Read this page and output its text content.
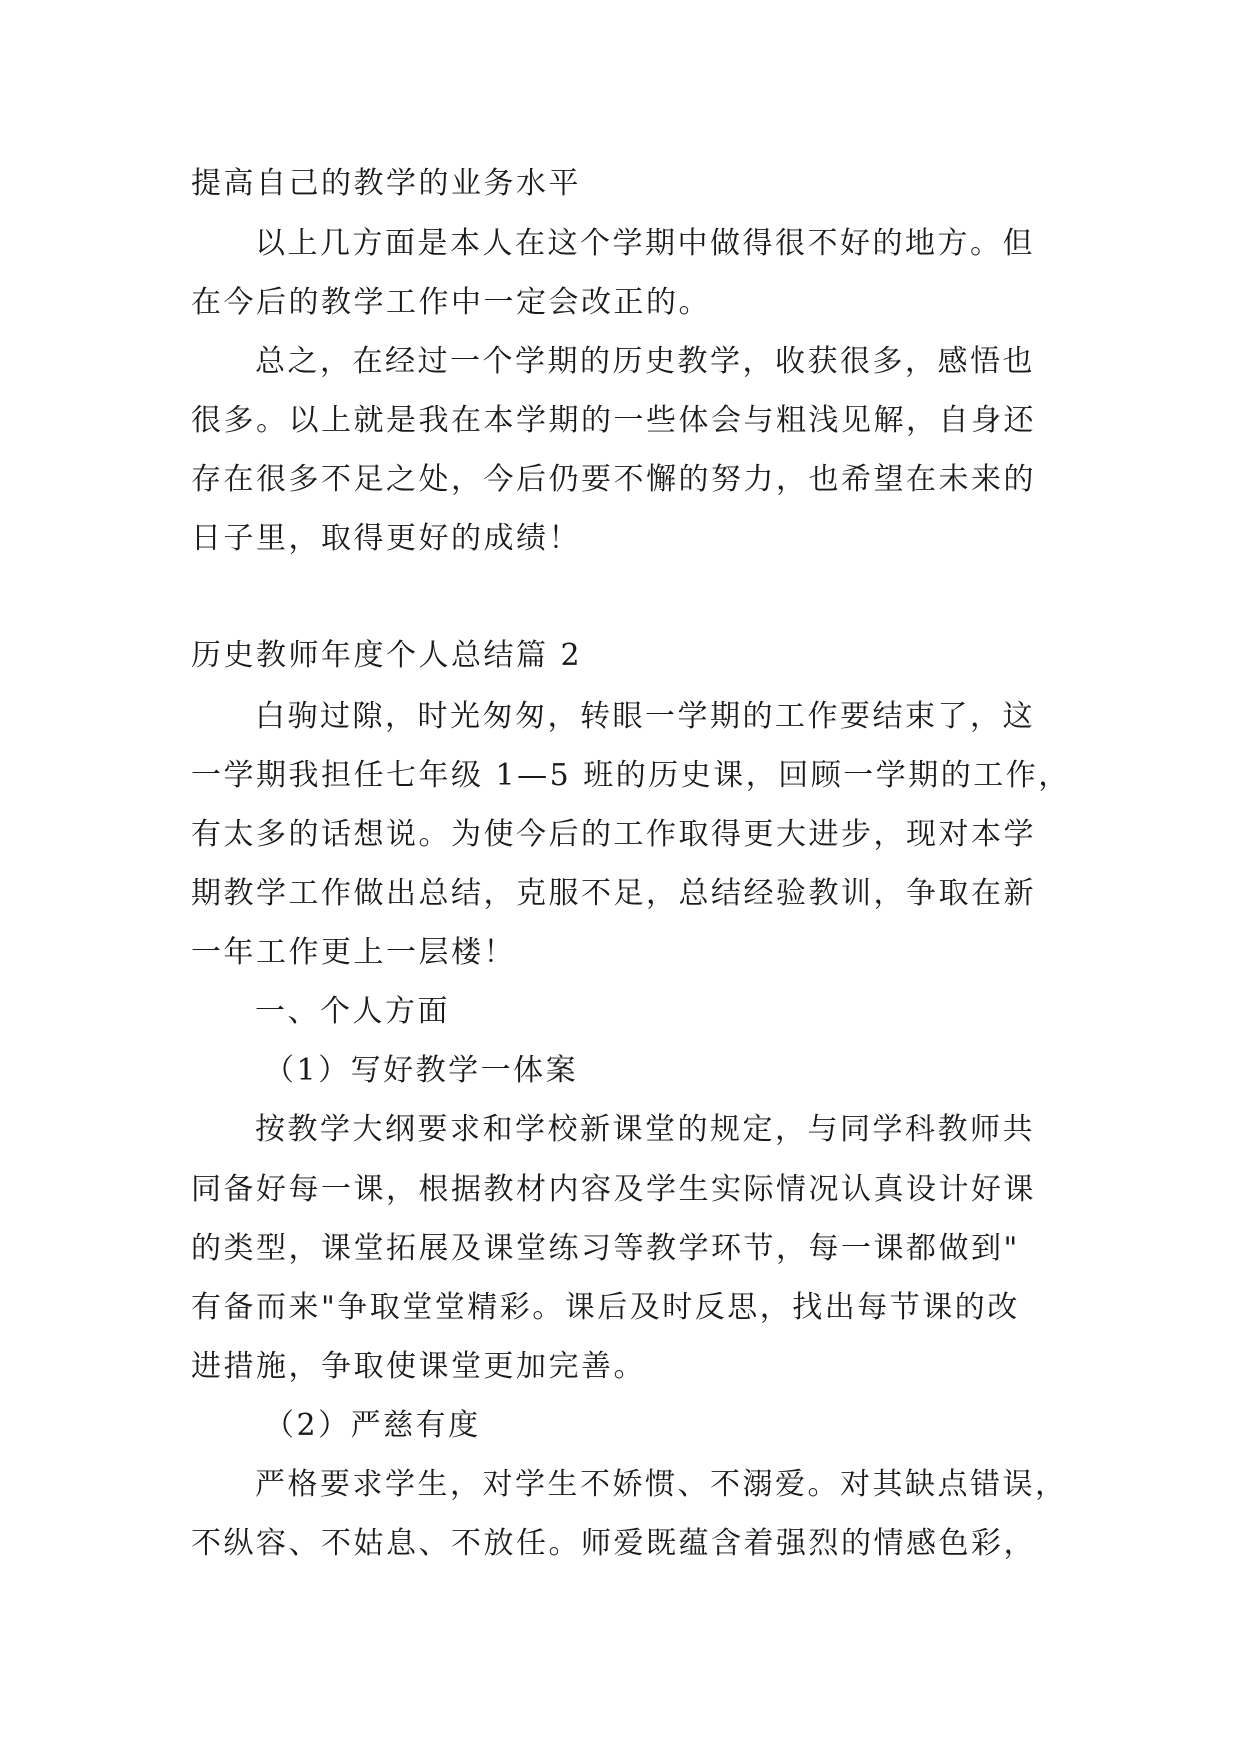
提高自己的教学的业务水平
以上几方面是本人在这个学期中做得很不好的地方。但
在今后的教学工作中一定会改正的。
总之，在经过一个学期的历史教学，收获很多，感悟也
很多。以上就是我在本学期的一些体会与粗浅见解，自身还
存在很多不足之处，今后仍要不懈的努力，也希望在未来的
日子里，取得更好的成绩！
历史教师年度个人总结篇 2
白驹过隙，时光匆匆，转眼一学期的工作要结束了，这
一学期我担任七年级 1—5 班的历史课，回顾一学期的工作，
有太多的话想说。为使今后的工作取得更大进步，现对本学
期教学工作做出总结，克服不足，总结经验教训，争取在新
一年工作更上一层楼！
一、个人方面
（1）写好教学一体案
按教学大纲要求和学校新课堂的规定，与同学科教师共
同备好每一课，根据教材内容及学生实际情况认真设计好课
的类型，课堂拓展及课堂练习等教学环节，每一课都做到"
有备而来"争取堂堂精彩。课后及时反思，找出每节课的改
进措施，争取使课堂更加完善。
（2）严慈有度
严格要求学生，对学生不娇惯、不溺爱。对其缺点错误，
不纵容、不姑息、不放任。师爱既蕴含着强烈的情感色彩，
